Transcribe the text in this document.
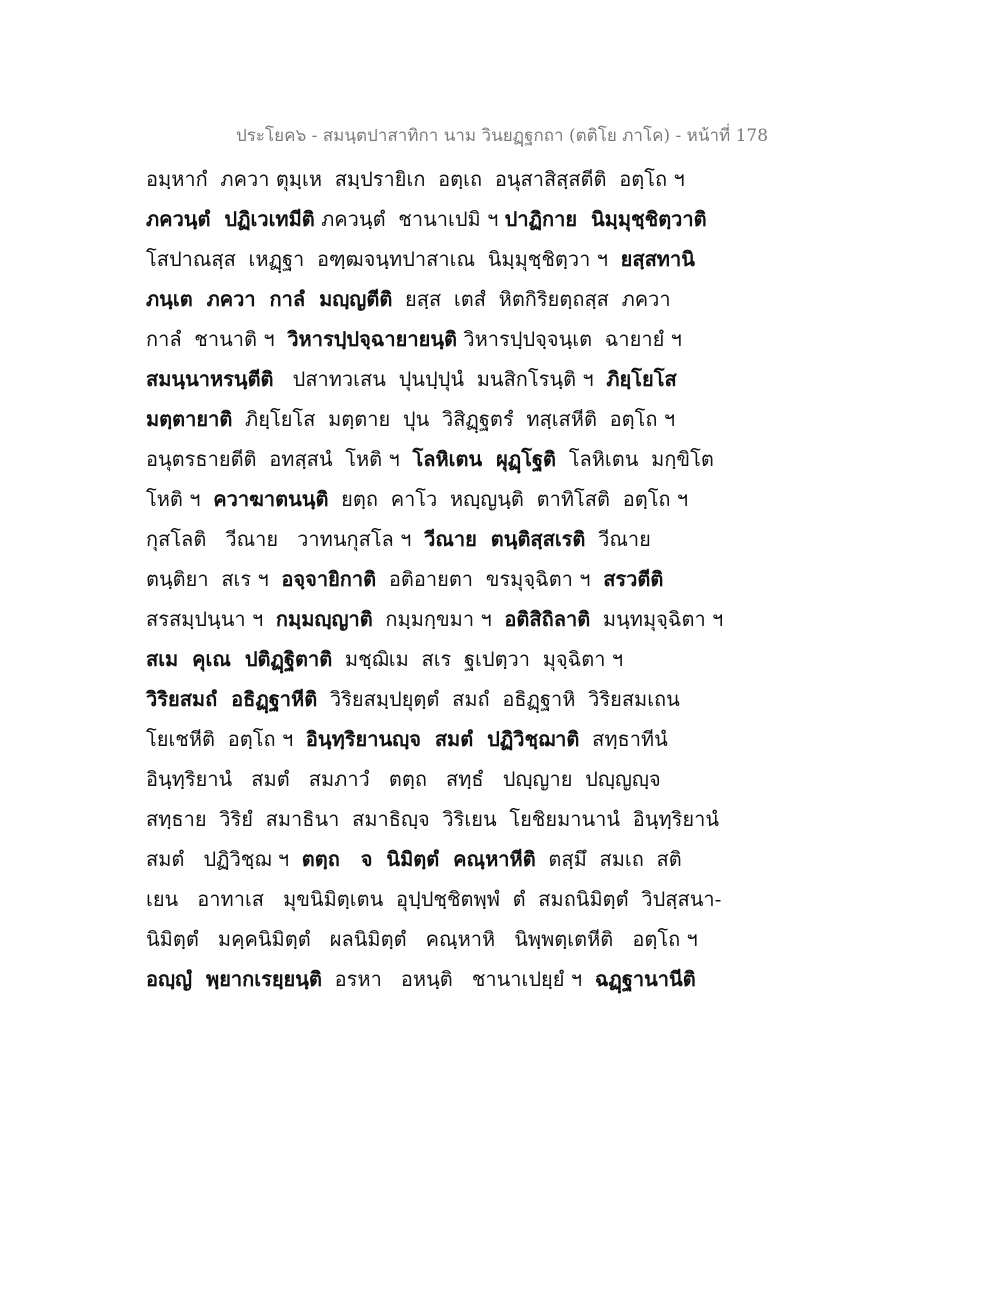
ประโยค๖ - สมนฺตปาสาทิกา นาม วินยฏฺฐกถา (ตติโย ภาโค) - หน้าที่ 178
อมฺหากํ  ภควา ตุมฺเห  สมฺปรายิเก  อตฺเถ  อนุสาสิสฺสตีติ  อตฺโถ ฯ
ภควนฺตํ  ปฏิเวเทมีติ ภควนฺตํ  ชานาเปมิ ฯ ปาฏิกาย  นิมฺมุชฺชิตฺวาติ
โสปาณสฺส  เหฏฺฐา  อฑฺฒจนฺทปาสาเณ  นิมฺมุชฺชิตฺวา ฯ  ยสฺสทานิ
ภนฺเต  ภควา  กาลํ  มญฺญตีติ  ยสฺส  เตสํ  หิตกิริยตฺถสฺส  ภควา
กาลํ  ชานาติ ฯ  วิหารปฺปจฺฉายายนฺติ วิหารปฺปจฺจนฺเต  ฉายายํ ฯ
สมนฺนาหรนฺตีติ   ปสาทวเสน  ปุนปฺปุนํ  มนสิกโรนฺติ ฯ  ภิยฺโยโส
มตฺตายาติ  ภิยฺโยโส  มตฺตาย  ปุน  วิสิฏฺฐตรํ  ทสฺเสหีติ  อตฺโถ ฯ
อนุตรธายตีติ  อทสฺสนํ  โหติ ฯ  โลหิเตน  ผุฏฺโฐติ  โลหิเตน  มกฺขิโต
โหติ ฯ  ควาฆาตนนฺติ  ยตฺถ  คาโว  หญฺญนฺติ  ตาทิโสติ  อตฺโถ ฯ
กุสโลติ   วีณาย   วาทนกุสโล ฯ  วีณาย  ตนฺติสฺสเรติ  วีณาย
ตนฺติยา  สเร ฯ  อจฺจายิกาติ  อติอายตา  ขรมุจฺฉิตา ฯ  สรวตีติ
สรสมฺปนฺนา ฯ  กมฺมญฺญาติ  กมฺมกฺขมา ฯ  อติสิถิลาติ  มนฺทมุจฺฉิตา ฯ
สเม  คุเณ  ปติฏฺฐิตาติ  มชฺฌิเม  สเร  ฐเปตฺวา  มุจฺฉิตา ฯ
วิริยสมถํ  อธิฏฺฐาหีติ  วิริยสมฺปยุตฺตํ  สมถํ  อธิฏฺฐาหิ  วิริยสมเถน
โยเชหีติ  อตฺโถ ฯ  อินฺทฺริยานญฺจ  สมตํ  ปฏิวิชฺฌาติ  สทฺธาทีนํ
อินฺทฺริยานํ   สมตํ   สมภาวํ   ตตฺถ   สทฺธํ   ปญฺญาย  ปญฺญญฺจ
สทฺธาย  วิริยํ  สมาธินา  สมาธิญฺจ  วิริเยน  โยชิยมานานํ  อินฺทฺริยานํ
สมตํ   ปฏิวิชฺฌ ฯ  ตตฺถ   จ  นิมิตฺตํ  คณฺหาหีติ  ตสฺมึ  สมเถ  สติ
เยน   อาทาเส   มุขนิมิตฺเตน  อุปฺปชฺชิตพฺพํ  ตํ  สมถนิมิตฺตํ  วิปสฺสนา-
นิมิตฺตํ   มคฺคนิมิตฺตํ   ผลนิมิตฺตํ   คณฺหาหิ   นิพฺพตฺเตหีติ   อตฺโถ ฯ
อญฺญํ  พฺยากเรยฺยนฺติ  อรหา   อหนฺติ   ชานาเปยฺยํ ฯ  ฉฏฺฐานานีติ
